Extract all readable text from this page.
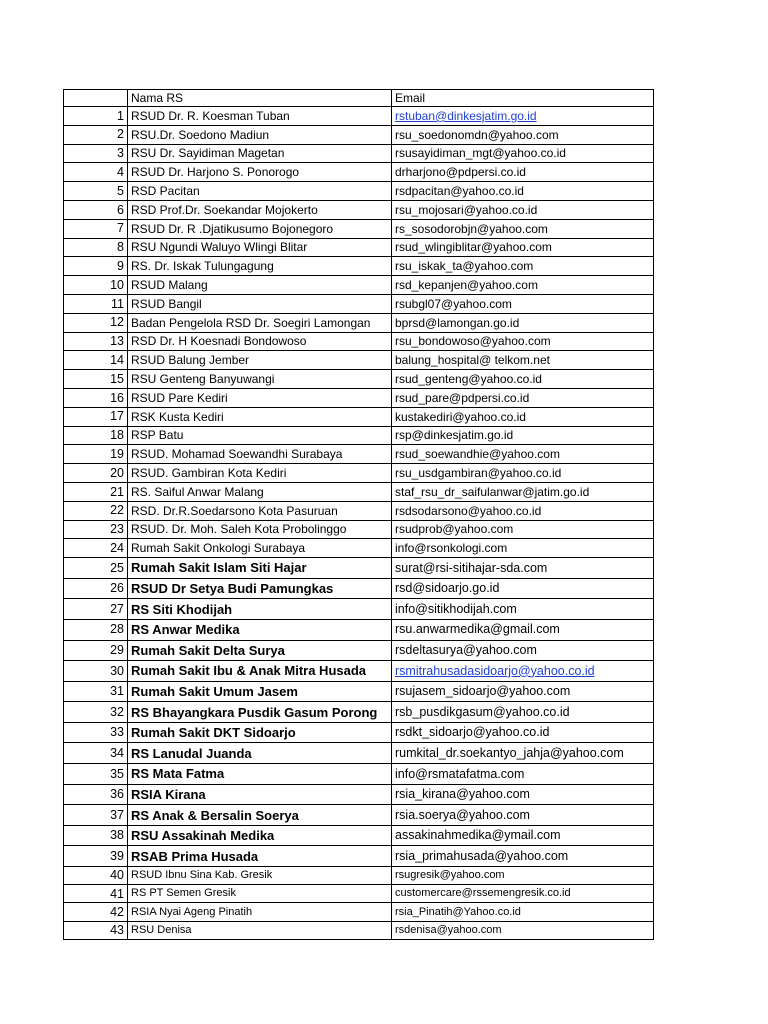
	Nama RS	Email
1	RSUD Dr. R. Koesman Tuban	rstuban@dinkesjatim.go.id
2	RSU.Dr. Soedono Madiun	rsu_soedonomdn@yahoo.com
3	RSU Dr. Sayidiman Magetan	rsusayidiman_mgt@yahoo.co.id
4	RSUD Dr. Harjono S. Ponorogo	drharjono@pdpersi.co.id
5	RSD Pacitan	rsdpacitan@yahoo.co.id
6	RSD Prof.Dr. Soekandar Mojokerto	rsu_mojosari@yahoo.co.id
7	RSUD Dr. R .Djatikusumo Bojonegoro	rs_sosodorobjn@yahoo.com
8	RSU Ngundi Waluyo Wlingi Blitar	rsud_wlingiblitar@yahoo.com
9	RS. Dr. Iskak Tulungagung	rsu_iskak_ta@yahoo.com
10	RSUD Malang	rsd_kepanjen@yahoo.com
11	RSUD Bangil	rsubgl07@yahoo.com
12	Badan Pengelola RSD Dr. Soegiri Lamongan	bprsd@lamongan.go.id
13	RSD Dr. H Koesnadi Bondowoso	rsu_bondowoso@yahoo.com
14	RSUD Balung Jember	balung_hospital@ telkom.net
15	RSU Genteng Banyuwangi	rsud_genteng@yahoo.co.id
16	RSUD Pare Kediri	rsud_pare@pdpersi.co.id
17	RSK Kusta Kediri	kustakediri@yahoo.co.id
18	RSP Batu	rsp@dinkesjatim.go.id
19	RSUD. Mohamad Soewandhi Surabaya	rsud_soewandhie@yahoo.com
20	RSUD. Gambiran Kota Kediri	rsu_usdgambiran@yahoo.co.id
21	RS. Saiful Anwar Malang	staf_rsu_dr_saifulanwar@jatim.go.id
22	RSD. Dr.R.Soedarsono Kota Pasuruan	rsdsodarsono@yahoo.co.id
23	RSUD. Dr. Moh. Saleh Kota Probolinggo	rsudprob@yahoo.com
24	Rumah Sakit Onkologi Surabaya	info@rsonkologi.com
25	Rumah Sakit Islam Siti Hajar	surat@rsi-sitihajar-sda.com
26	RSUD Dr Setya Budi Pamungkas	rsd@sidoarjo.go.id
27	RS Siti Khodijah	info@sitikhodijah.com
28	RS Anwar Medika	rsu.anwarmedika@gmail.com
29	Rumah Sakit Delta Surya	rsdeltasurya@yahoo.com
30	Rumah Sakit Ibu & Anak Mitra Husada	rsmitrahusadasidoarjo@yahoo.co.id
31	Rumah Sakit Umum Jasem	rsujasem_sidoarjo@yahoo.com
32	RS Bhayangkara Pusdik Gasum Porong	rsb_pusdikgasum@yahoo.co.id
33	Rumah Sakit DKT Sidoarjo	rsdkt_sidoarjo@yahoo.co.id
34	RS Lanudal Juanda	rumkital_dr.soekantyo_jahja@yahoo.com
35	RS Mata Fatma	info@rsmatafatma.com
36	RSIA Kirana	rsia_kirana@yahoo.com
37	RS Anak & Bersalin Soerya	rsia.soerya@yahoo.com
38	RSU Assakinah Medika	assakinahmedika@ymail.com
39	RSAB Prima Husada	rsia_primahusada@yahoo.com
40	RSUD Ibnu Sina Kab. Gresik	rsugresik@yahoo.com
41	RS PT Semen Gresik	customercare@rssemengresik.co.id
42	RSIA Nyai Ageng Pinatih	rsia_Pinatih@Yahoo.co.id
43	RSU Denisa	rsdenisa@yahoo.com
